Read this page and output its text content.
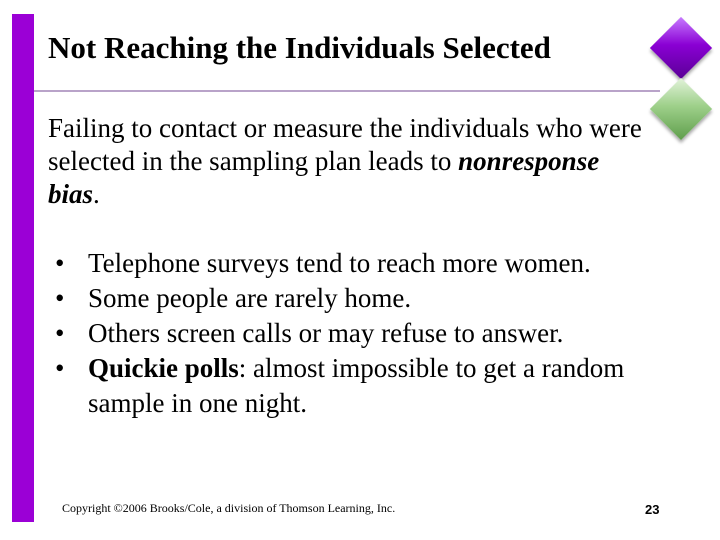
Not Reaching the Individuals Selected
Failing to contact or measure the individuals who were selected in the sampling plan leads to nonresponse bias.
• Telephone surveys tend to reach more women.
• Some people are rarely home.
• Others screen calls or may refuse to answer.
• Quickie polls: almost impossible to get a random sample in one night.
Copyright ©2006 Brooks/Cole, a division of Thomson Learning, Inc.	23
